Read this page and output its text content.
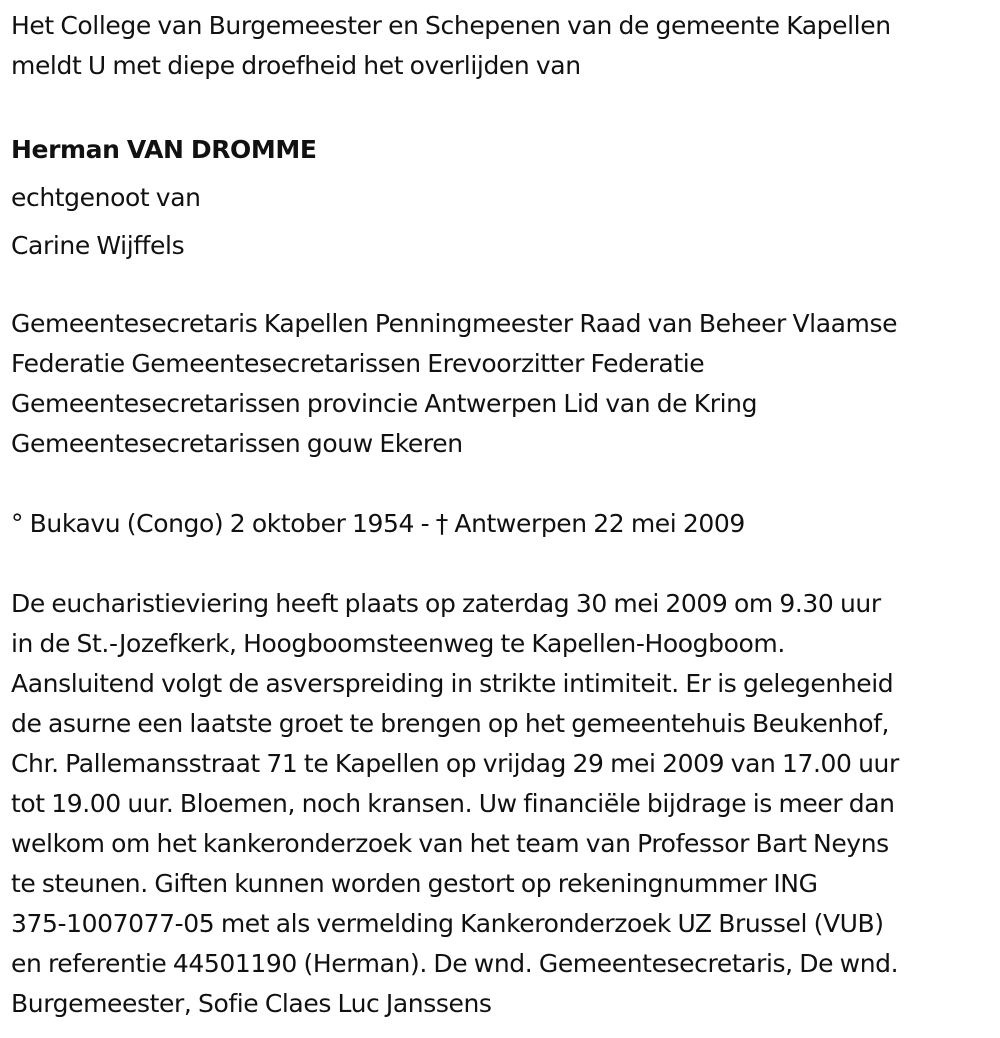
Het College van Burgemeester en Schepenen van de gemeente Kapellen
meldt U met diepe droefheid het overlijden van

Herman VAN DROMME

echtgenoot van

Carine Wijffels

Gemeentesecretaris Kapellen Penningmeester Raad van Beheer Vlaamse
Federatie Gemeentesecretarissen Erevoorzitter Federatie
Gemeentesecretarissen provincie Antwerpen Lid van de Kring
Gemeentesecretarissen gouw Ekeren

° Bukavu (Congo) 2 oktober 1954 - † Antwerpen 22 mei 2009

De eucharistieviering heeft plaats op zaterdag 30 mei 2009 om 9.30 uur
in de St.-Jozefkerk, Hoogboomsteenweg te Kapellen-Hoogboom.
Aansluitend volgt de asverspreiding in strikte intimiteit. Er is gelegenheid
de asurne een laatste groet te brengen op het gemeentehuis Beukenhof,
Chr. Pallemansstraat 71 te Kapellen op vrijdag 29 mei 2009 van 17.00 uur
tot 19.00 uur. Bloemen, noch kransen. Uw financiële bijdrage is meer dan
welkom om het kankeronderzoek van het team van Professor Bart Neyns
te steunen. Giften kunnen worden gestort op rekeningnummer ING
375-1007077-05 met als vermelding Kankeronderzoek UZ Brussel (VUB)
en referentie 44501190 (Herman). De wnd. Gemeentesecretaris, De wnd.
Burgemeester, Sofie Claes Luc Janssens
